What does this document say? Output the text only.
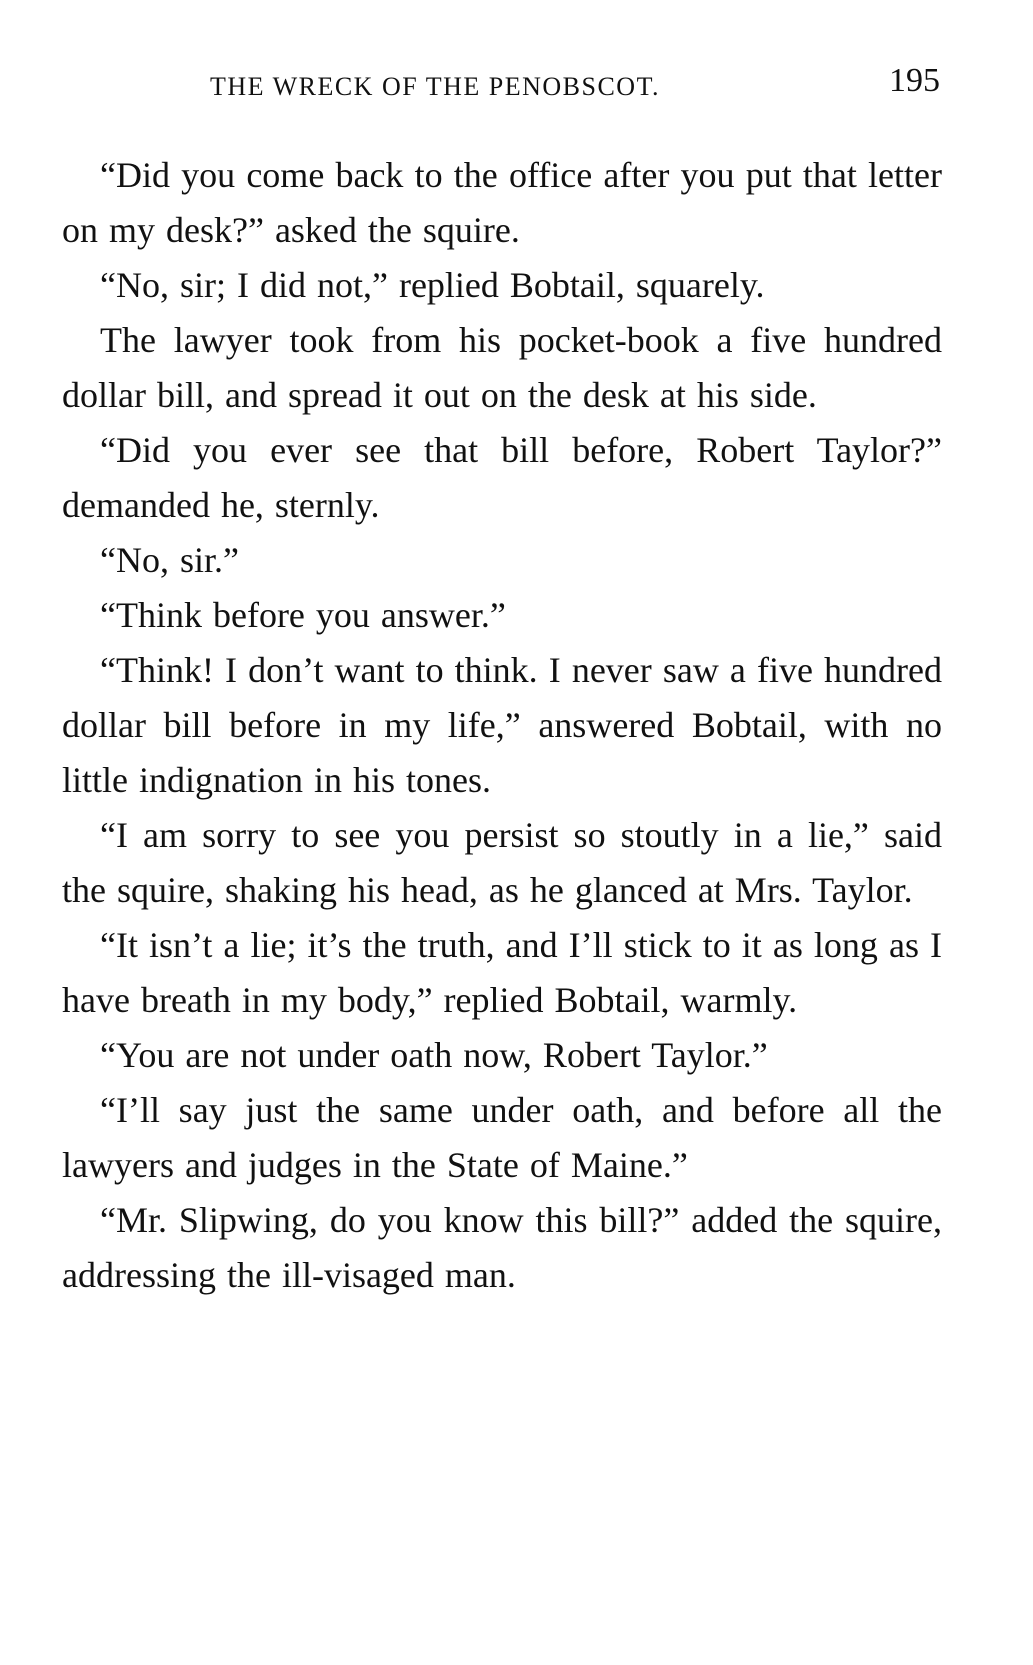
THE WRECK OF THE PENOBSCOT.	195

“Did you come back to the office after you put that letter on my desk?” asked the squire.

“No, sir; I did not,” replied Bobtail, squarely.

The lawyer took from his pocket-book a five hundred dollar bill, and spread it out on the desk at his side.

“Did you ever see that bill before, Robert Taylor?” demanded he, sternly.

“No, sir.”

“Think before you answer.”

“Think! I don’t want to think. I never saw a five hundred dollar bill before in my life,” answered Bobtail, with no little indignation in his tones.

“I am sorry to see you persist so stoutly in a lie,” said the squire, shaking his head, as he glanced at Mrs. Taylor.

“It isn’t a lie; it’s the truth, and I’ll stick to it as long as I have breath in my body,” replied Bobtail, warmly.

“You are not under oath now, Robert Taylor.”

“I’ll say just the same under oath, and before all the lawyers and judges in the State of Maine.”

“Mr. Slipwing, do you know this bill?” added the squire, addressing the ill-visaged man.
